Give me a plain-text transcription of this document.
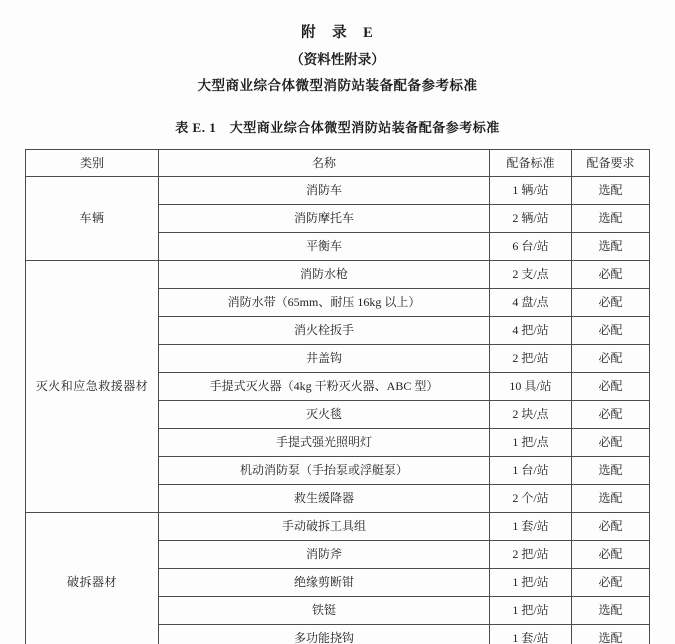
附　录　E
（资料性附录）
大型商业综合体微型消防站装备配备参考标准
表 E. 1　大型商业综合体微型消防站装备配备参考标准
类别	名称	配备标准	配备要求
车辆	消防车	1 辆/站	选配
	消防摩托车	2 辆/站	选配
	平衡车	6 台/站	选配
灭火和应急救援器材	消防水枪	2 支/点	必配
	消防水带（65mm、耐压 16kg 以上）	4 盘/点	必配
	消火栓扳手	4 把/站	必配
	井盖钩	2 把/站	必配
	手提式灭火器（4kg 干粉灭火器、ABC 型）	10 具/站	必配
	灭火毯	2 块/点	必配
	手提式强光照明灯	1 把/点	必配
	机动消防泵（手抬泵或浮艇泵）	1 台/站	选配
	救生缓降器	2 个/站	选配
破拆器材	手动破拆工具组	1 套/站	必配
	消防斧	2 把/站	必配
	绝缘剪断钳	1 把/站	必配
	铁铤	1 把/站	选配
	多功能挠钩	1 套/站	选配
